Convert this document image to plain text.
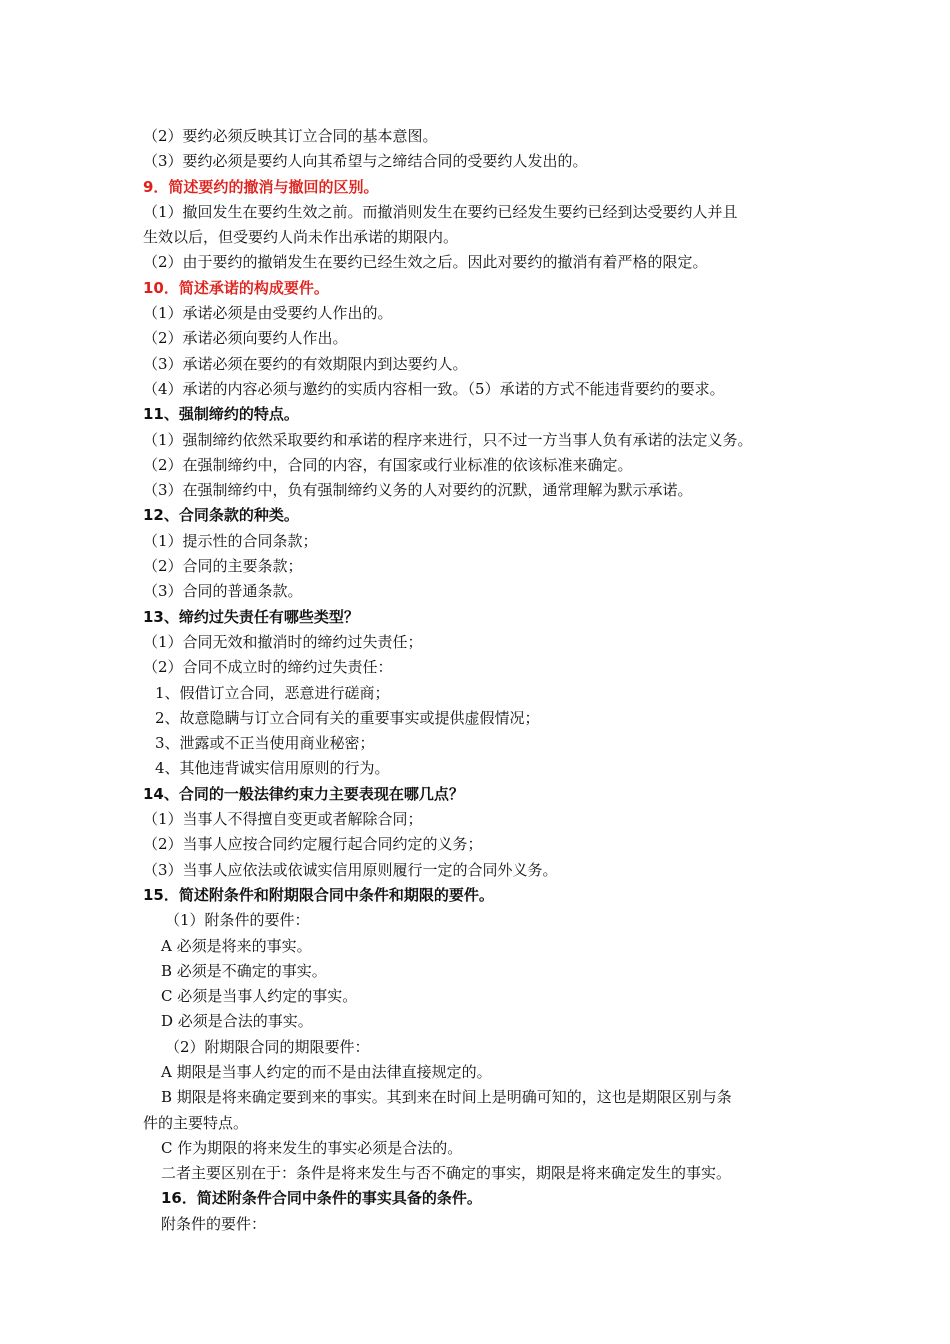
（2）要约必须反映其订立合同的基本意图。
（3）要约必须是要约人向其希望与之缔结合同的受要约人发出的。
9．简述要约的撤消与撤回的区别。
（1）撤回发生在要约生效之前。而撤消则发生在要约已经发生要约已经到达受要约人并且
生效以后，但受要约人尚未作出承诺的期限内。
（2）由于要约的撤销发生在要约已经生效之后。因此对要约的撤消有着严格的限定。
10．简述承诺的构成要件。
（1）承诺必须是由受要约人作出的。
（2）承诺必须向要约人作出。
（3）承诺必须在要约的有效期限内到达要约人。
（4）承诺的内容必须与邀约的实质内容相一致。（5）承诺的方式不能违背要约的要求。
11、强制缔约的特点。
（1）强制缔约依然采取要约和承诺的程序来进行，只不过一方当事人负有承诺的法定义务。
（2）在强制缔约中，合同的内容，有国家或行业标准的依该标准来确定。
（3）在强制缔约中，负有强制缔约义务的人对要约的沉默，通常理解为默示承诺。
12、合同条款的种类。
（1）提示性的合同条款；
（2）合同的主要条款；
（3）合同的普通条款。
13、缔约过失责任有哪些类型？
（1）合同无效和撤消时的缔约过失责任；
（2）合同不成立时的缔约过失责任：
1、假借订立合同，恶意进行磋商；
2、故意隐瞒与订立合同有关的重要事实或提供虚假情况；
3、泄露或不正当使用商业秘密；
4、其他违背诚实信用原则的行为。
14、合同的一般法律约束力主要表现在哪几点？
（1）当事人不得擅自变更或者解除合同；
（2）当事人应按合同约定履行起合同约定的义务；
（3）当事人应依法或依诚实信用原则履行一定的合同外义务。
15．简述附条件和附期限合同中条件和期限的要件。
（1）附条件的要件：
A 必须是将来的事实。
B 必须是不确定的事实。
C 必须是当事人约定的事实。
D 必须是合法的事实。
（2）附期限合同的期限要件：
A 期限是当事人约定的而不是由法律直接规定的。
B 期限是将来确定要到来的事实。其到来在时间上是明确可知的，这也是期限区别与条
件的主要特点。
C 作为期限的将来发生的事实必须是合法的。
二者主要区别在于：条件是将来发生与否不确定的事实，期限是将来确定发生的事实。
16．简述附条件合同中条件的事实具备的条件。
附条件的要件：
